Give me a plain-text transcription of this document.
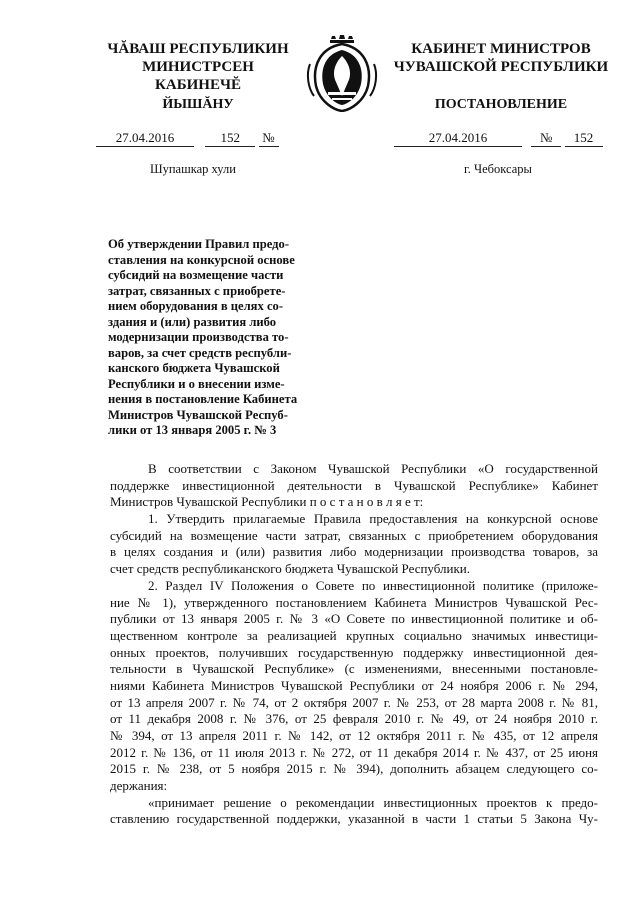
ЧĂВАШ РЕСПУБЛИКИН
МИНИСТРСЕН КАБИНЕЧĔ
ЙЫШĂНУ
КАБИНЕТ МИНИСТРОВ
ЧУВАШСКОЙ РЕСПУБЛИКИ
ПОСТАНОВЛЕНИЕ
27.04.2016	152 №	27.04.2016	№ 152
Шупашкар хули	г. Чебоксары
Об утверждении Правил предо-
ставления на конкурсной основе
субсидий на возмещение части
затрат, связанных с приобрете-
нием оборудования в целях со-
здания и (или) развития либо
модернизации производства то-
варов, за счет средств республи-
канского бюджета Чувашской
Республики и о внесении изме-
нения в постановление Кабинета
Министров Чувашской Респуб-
лики от 13 января 2005 г. № 3
В соответствии с Законом Чувашской Республики «О государственной
поддержке инвестиционной деятельности в Чувашской Республике» Кабинет
Министров Чувашской Республики п о с т а н о в л я е т:
1. Утвердить прилагаемые Правила предоставления на конкурсной основе
субсидий на возмещение части затрат, связанных с приобретением оборудования
в целях создания и (или) развития либо модернизации производства товаров, за
счет средств республиканского бюджета Чувашской Республики.
2. Раздел IV Положения о Совете по инвестиционной политике (приложе-
ние № 1), утвержденного постановлением Кабинета Министров Чувашской Рес-
публики от 13 января 2005 г. № 3 «О Совете по инвестиционной политике и об-
щественном контроле за реализацией крупных социально значимых инвестици-
онных проектов, получивших государственную поддержку инвестиционной дея-
тельности в Чувашской Республике» (с изменениями, внесенными постановле-
ниями Кабинета Министров Чувашской Республики от 24 ноября 2006 г. № 294,
от 13 апреля 2007 г. № 74, от 2 октября 2007 г. № 253, от 28 марта 2008 г. № 81,
от 11 декабря 2008 г. № 376, от 25 февраля 2010 г. № 49, от 24 ноября 2010 г.
№ 394, от 13 апреля 2011 г. № 142, от 12 октября 2011 г. № 435, от 12 апреля
2012 г. № 136, от 11 июля 2013 г. № 272, от 11 декабря 2014 г. № 437, от 25 июня
2015 г. № 238, от 5 ноября 2015 г. № 394), дополнить абзацем следующего со-
держания:
«принимает решение о рекомендации инвестиционных проектов к предо-
ставлению государственной поддержки, указанной в части 1 статьи 5 Закона Чу-
